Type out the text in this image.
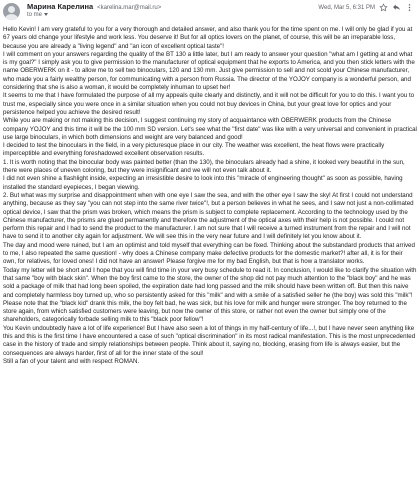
Марина Карелина <karelina.mar@mail.ru>
to me
Wed, Mar 5, 6:31 PM

Hello Kevin! I am very grateful to you for a very thorough and detailed answer, and also thank you for the time spent on me. I will only be glad if you at 67 years old change your lifestyle and work less. You deserve it! But for all optics lovers on the planet, of course, this will be an irreparable loss, because you are already a "living legend" and "an icon of excellent optical taste"!

I will comment on your answers regarding the quality of the BT 130 a little later, but I am ready to answer your question "what am I getting at and what is my goal?" I simply ask you to give permission to the manufacturer of optical equipment that he exports to America, and you then stick letters with the name OBERWERK on it - to allow me to sell two binoculars, 120 and 130 mm. Just give permission to sell and not scold your Chinese manufacturer, who made you a fairly wealthy person, for communicating with a person from Russia. The director of the YOJOY company is a wonderful person, and considering that she is also a woman, it would be completely inhuman to upset her!

It seems to me that I have formulated the purpose of all my appeals quite clearly and distinctly, and it will not be difficult for you to do this. I want you to trust me, especially since you were once in a similar situation when you could not buy devices in China, but your great love for optics and your persistence helped you achieve the desired result!

While you are making or not making this decision, I suggest continuing my story of acquaintance with OBERWERK products from the Chinese company YOJOY and this time it will be the 100 mm SD version. Let's see what the "first date" was like with a very universal and convenient in practical use large binoculars, in which both dimensions and weight are very balanced and good!

I decided to test the binoculars in the field, in a very picturesque place in our city. The weather was excellent, the heat flows were practically imperceptible and everything foreshadowed excellent observation results.

1. It is worth noting that the binocular body was painted better (than the 130), the binoculars already had a shine, it looked very beautiful in the sun, there were places of uneven coloring, but they were insignificant and we will not even talk about it.

I did not even shine a flashlight inside, expecting an irresistible desire to look into this "miracle of engineering thought" as soon as possible, having installed the standard eyepieces, I began viewing.

2. But what was my surprise and disappointment when with one eye I saw the sea, and with the other eye I saw the sky! At first I could not understand anything, because as they say "you can not step into the same river twice"!, but a person believes in what he sees, and I saw not just a non-collimated optical device, I saw that the prism was broken, which means the prism is subject to complete replacement. According to the technology used by the Chinese manufacturer, the prisms are glued permanently and therefore the adjustment of the optical axes with their help is not possible. I could not perform this repair and I had to send the product to the manufacturer. I am not sure that I will receive a turned instrument from the repair and I will not have to send it to another city again for adjustment. We will see this in the very near future and I will definitely let you know about it.

The day and mood were ruined, but I am an optimist and told myself that everything can be fixed. Thinking about the substandard products that arrived to me, I also repeated the same question! - why does a Chinese company make defective products for the domestic market?! after all, it is for their own, for relatives, for loved ones! I did not have an answer! Please forgive me for my bad English, but that is how a translator works.

Today my letter will be short and I hope that you will find time in your very busy schedule to read it. In conclusion, I would like to clarify the situation with that same "boy with black skin". When the boy first came to the store, the owner of the shop did not pay much attention to the "black boy" and he was sold a package of milk that had long been spoiled, the expiration date had long passed and the milk should have been written off. But then this naive and completely harmless boy turned up, who so persistently asked for this "milk" and with a smile of a satisfied seller he (the boy) was sold this "milk"! Please note that the "black kid" drank this milk, the boy felt bad, he was sick, but his love for milk and hunger were stronger. The boy returned to the store again, from which satisfied customers were leaving, but now the owner of this store, or rather not even the owner but simply one of the shareholders, categorically forbade selling milk to this "black poor fellow"!

You Kevin undoubtedly have a lot of life experience! But I have also seen a lot of things in my half-century of life...!, but I have never seen anything like this and this is the first time I have encountered a case of such "optical discrimination" in its most radical manifestation. This is the most unprecedented case in the history of trade and simply relationships between people. Think about it, saying no, blocking, erasing from life is always easier, but the consequences are always harder, first of all for the inner state of the soul!

Still a fan of your talent and with respect ROMAN.
